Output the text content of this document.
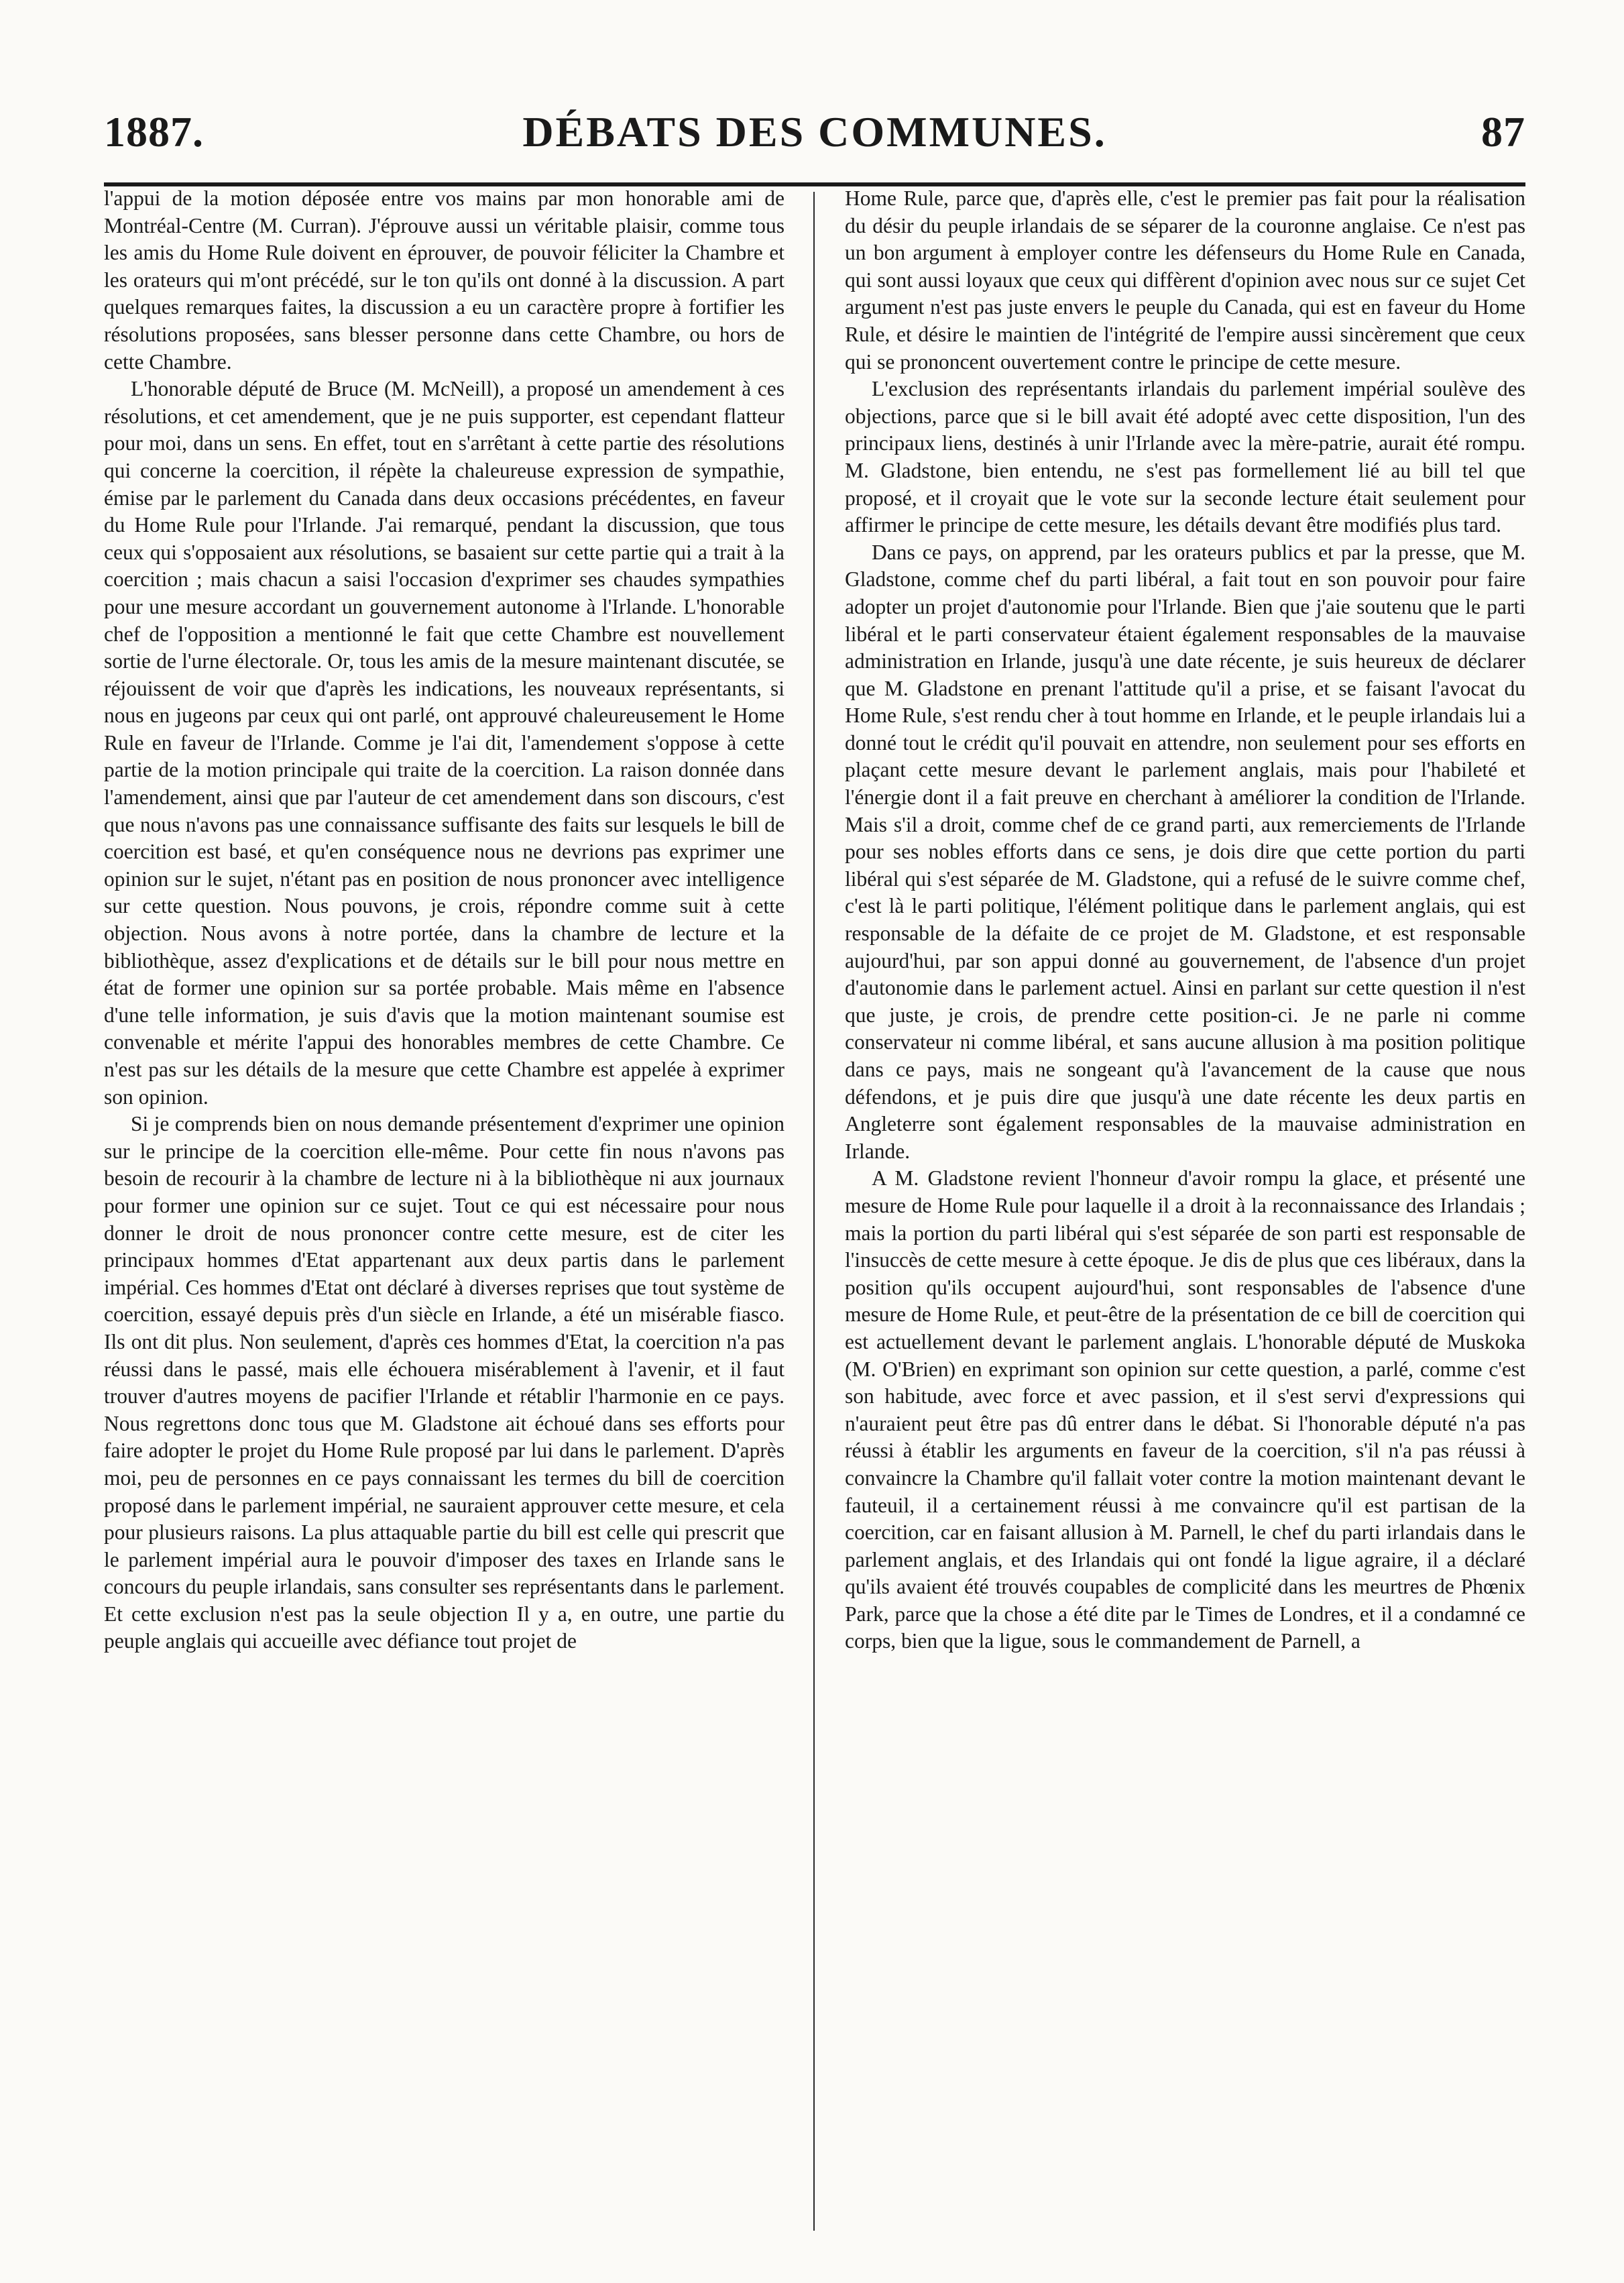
1887.	DÉBATS DES COMMUNES.	87

l'appui de la motion déposée entre vos mains par mon honorable ami de Montréal-Centre (M. Curran). J'éprouve aussi un véritable plaisir, comme tous les amis du Home Rule doivent en éprouver, de pouvoir féliciter la Chambre et les orateurs qui m'ont précédé, sur le ton qu'ils ont donné à la discussion. A part quelques remarques faites, la discussion a eu un caractère propre à fortifier les résolutions proposées, sans blesser personne dans cette Chambre, ou hors de cette Chambre.

L'honorable député de Bruce (M. McNeill), a proposé un amendement à ces résolutions, et cet amendement, que je ne puis supporter, est cependant flatteur pour moi, dans un sens. En effet, tout en s'arrêtant à cette partie des résolutions qui concerne la coercition, il répète la chaleureuse expression de sympathie, émise par le parlement du Canada dans deux occasions précédentes, en faveur du Home Rule pour l'Irlande. J'ai remarqué, pendant la discussion, que tous ceux qui s'opposaient aux résolutions, se basaient sur cette partie qui a trait à la coercition ; mais chacun a saisi l'occasion d'exprimer ses chaudes sympathies pour une mesure accordant un gouvernement autonome à l'Irlande. L'honorable chef de l'opposition a mentionné le fait que cette Chambre est nouvellement sortie de l'urne électorale. Or, tous les amis de la mesure maintenant discutée, se réjouissent de voir que d'après les indications, les nouveaux représentants, si nous en jugeons par ceux qui ont parlé, ont approuvé chaleureusement le Home Rule en faveur de l'Irlande. Comme je l'ai dit, l'amendement s'oppose à cette partie de la motion principale qui traite de la coercition. La raison donnée dans l'amendement, ainsi que par l'auteur de cet amendement dans son discours, c'est que nous n'avons pas une connaissance suffisante des faits sur lesquels le bill de coercition est basé, et qu'en conséquence nous ne devrions pas exprimer une opinion sur le sujet, n'étant pas en position de nous prononcer avec intelligence sur cette question. Nous pouvons, je crois, répondre comme suit à cette objection. Nous avons à notre portée, dans la chambre de lecture et la bibliothèque, assez d'explications et de détails sur le bill pour nous mettre en état de former une opinion sur sa portée probable. Mais même en l'absence d'une telle information, je suis d'avis que la motion maintenant soumise est convenable et mérite l'appui des honorables membres de cette Chambre. Ce n'est pas sur les détails de la mesure que cette Chambre est appelée à exprimer son opinion.

Si je comprends bien on nous demande présentement d'exprimer une opinion sur le principe de la coercition elle-même. Pour cette fin nous n'avons pas besoin de recourir à la chambre de lecture ni à la bibliothèque ni aux journaux pour former une opinion sur ce sujet. Tout ce qui est nécessaire pour nous donner le droit de nous prononcer contre cette mesure, est de citer les principaux hommes d'Etat appartenant aux deux partis dans le parlement impérial. Ces hommes d'Etat ont déclaré à diverses reprises que tout système de coercition, essayé depuis près d'un siècle en Irlande, a été un misérable fiasco. Ils ont dit plus. Non seulement, d'après ces hommes d'Etat, la coercition n'a pas réussi dans le passé, mais elle échouera misérablement à l'avenir, et il faut trouver d'autres moyens de pacifier l'Irlande et rétablir l'harmonie en ce pays. Nous regrettons donc tous que M. Gladstone ait échoué dans ses efforts pour faire adopter le projet du Home Rule proposé par lui dans le parlement. D'après moi, peu de personnes en ce pays connaissant les termes du bill de coercition proposé dans le parlement impérial, ne sauraient approuver cette mesure, et cela pour plusieurs raisons. La plus attaquable partie du bill est celle qui prescrit que le parlement impérial aura le pouvoir d'imposer des taxes en Irlande sans le concours du peuple irlandais, sans consulter ses représentants dans le parlement. Et cette exclusion n'est pas la seule objection Il y a, en outre, une partie du peuple anglais qui accueille avec défiance tout projet de

Home Rule, parce que, d'après elle, c'est le premier pas fait pour la réalisation du désir du peuple irlandais de se séparer de la couronne anglaise. Ce n'est pas un bon argument à employer contre les défenseurs du Home Rule en Canada, qui sont aussi loyaux que ceux qui diffèrent d'opinion avec nous sur ce sujet Cet argument n'est pas juste envers le peuple du Canada, qui est en faveur du Home Rule, et désire le maintien de l'intégrité de l'empire aussi sincèrement que ceux qui se prononcent ouvertement contre le principe de cette mesure.

L'exclusion des représentants irlandais du parlement impérial soulève des objections, parce que si le bill avait été adopté avec cette disposition, l'un des principaux liens, destinés à unir l'Irlande avec la mère-patrie, aurait été rompu. M. Gladstone, bien entendu, ne s'est pas formellement lié au bill tel que proposé, et il croyait que le vote sur la seconde lecture était seulement pour affirmer le principe de cette mesure, les détails devant être modifiés plus tard.

Dans ce pays, on apprend, par les orateurs publics et par la presse, que M. Gladstone, comme chef du parti libéral, a fait tout en son pouvoir pour faire adopter un projet d'autonomie pour l'Irlande. Bien que j'aie soutenu que le parti libéral et le parti conservateur étaient également responsables de la mauvaise administration en Irlande, jusqu'à une date récente, je suis heureux de déclarer que M. Gladstone en prenant l'attitude qu'il a prise, et se faisant l'avocat du Home Rule, s'est rendu cher à tout homme en Irlande, et le peuple irlandais lui a donné tout le crédit qu'il pouvait en attendre, non seulement pour ses efforts en plaçant cette mesure devant le parlement anglais, mais pour l'habileté et l'énergie dont il a fait preuve en cherchant à améliorer la condition de l'Irlande. Mais s'il a droit, comme chef de ce grand parti, aux remerciements de l'Irlande pour ses nobles efforts dans ce sens, je dois dire que cette portion du parti libéral qui s'est séparée de M. Gladstone, qui a refusé de le suivre comme chef, c'est là le parti politique, l'élément politique dans le parlement anglais, qui est responsable de la défaite de ce projet de M. Gladstone, et est responsable aujourd'hui, par son appui donné au gouvernement, de l'absence d'un projet d'autonomie dans le parlement actuel. Ainsi en parlant sur cette question il n'est que juste, je crois, de prendre cette position-ci. Je ne parle ni comme conservateur ni comme libéral, et sans aucune allusion à ma position politique dans ce pays, mais ne songeant qu'à l'avancement de la cause que nous défendons, et je puis dire que jusqu'à une date récente les deux partis en Angleterre sont également responsables de la mauvaise administration en Irlande.

A M. Gladstone revient l'honneur d'avoir rompu la glace, et présenté une mesure de Home Rule pour laquelle il a droit à la reconnaissance des Irlandais ; mais la portion du parti libéral qui s'est séparée de son parti est responsable de l'insuccès de cette mesure à cette époque. Je dis de plus que ces libéraux, dans la position qu'ils occupent aujourd'hui, sont responsables de l'absence d'une mesure de Home Rule, et peut-être de la présentation de ce bill de coercition qui est actuellement devant le parlement anglais. L'honorable député de Muskoka (M. O'Brien) en exprimant son opinion sur cette question, a parlé, comme c'est son habitude, avec force et avec passion, et il s'est servi d'expressions qui n'auraient peut être pas dû entrer dans le débat. Si l'honorable député n'a pas réussi à établir les arguments en faveur de la coercition, s'il n'a pas réussi à convaincre la Chambre qu'il fallait voter contre la motion maintenant devant le fauteuil, il a certainement réussi à me convaincre qu'il est partisan de la coercition, car en faisant allusion à M. Parnell, le chef du parti irlandais dans le parlement anglais, et des Irlandais qui ont fondé la ligue agraire, il a déclaré qu'ils avaient été trouvés coupables de complicité dans les meurtres de Phœnix Park, parce que la chose a été dite par le Times de Londres, et il a condamné ce corps, bien que la ligue, sous le commandement de Parnell, a
